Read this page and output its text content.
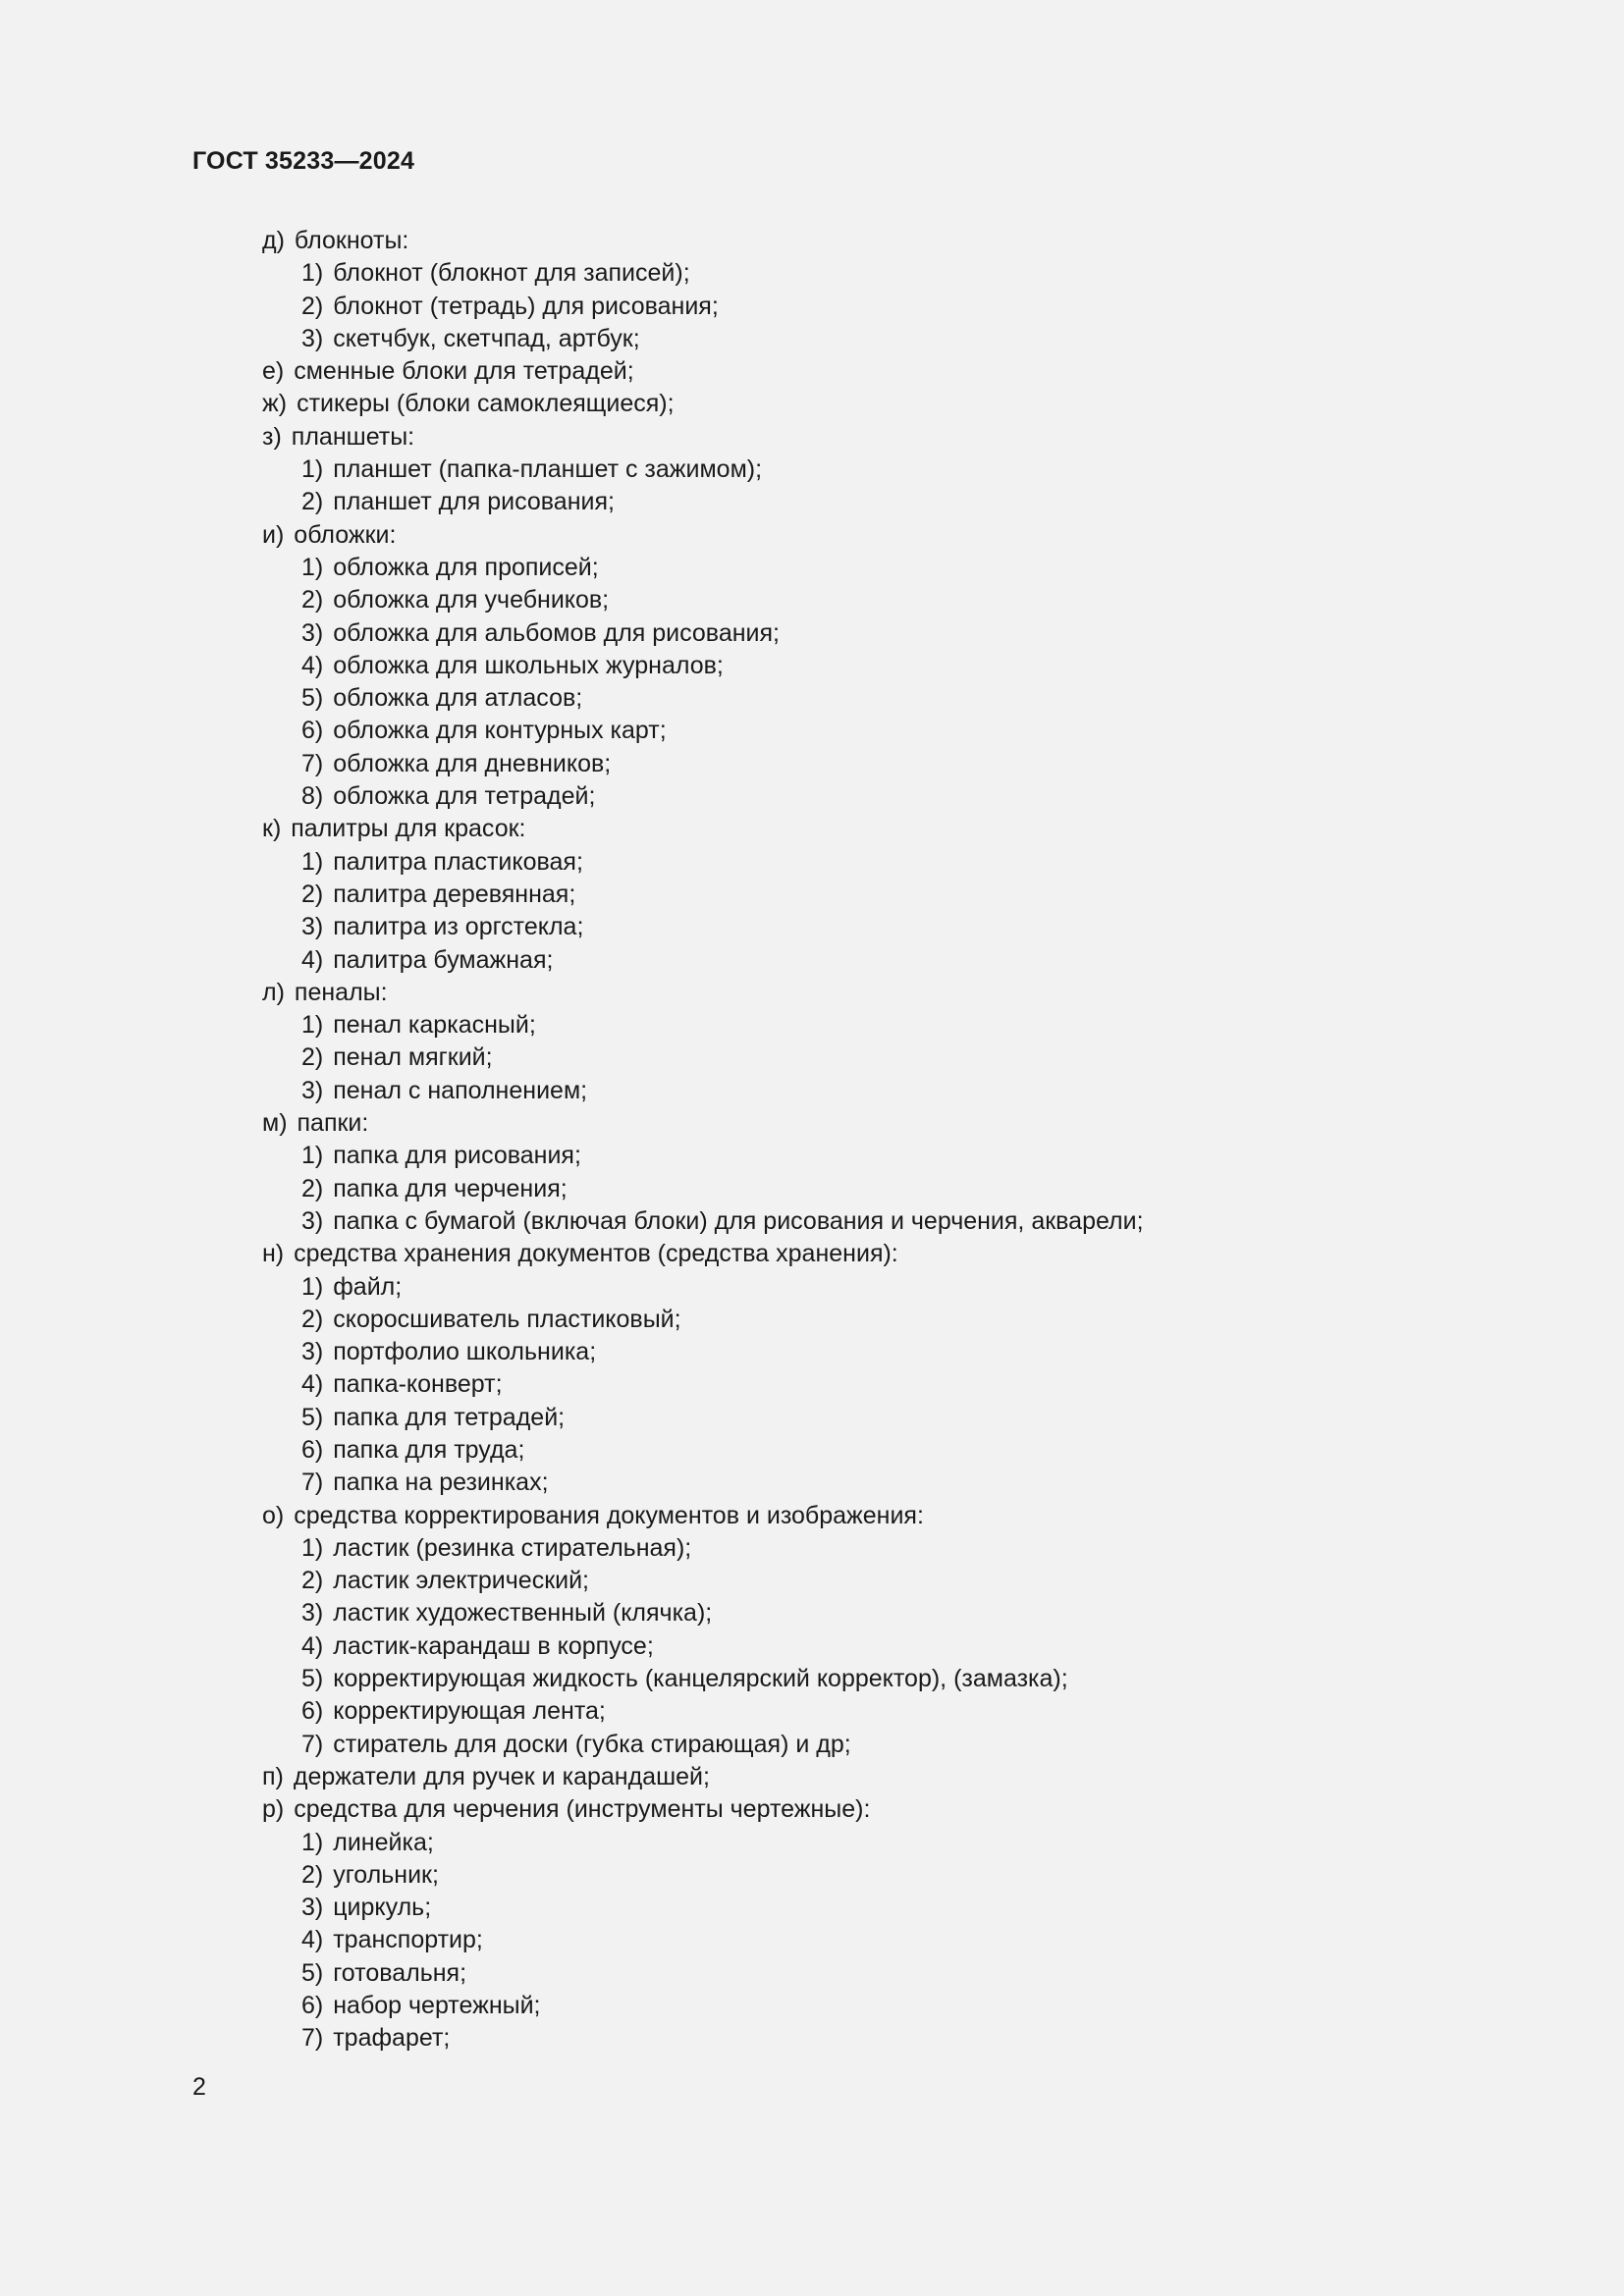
ГОСТ 35233—2024
д) блокноты:
1) блокнот (блокнот для записей);
2) блокнот (тетрадь) для рисования;
3) скетчбук, скетчпад, артбук;
е) сменные блоки для тетрадей;
ж) стикеры (блоки самоклеящиеся);
з) планшеты:
1) планшет (папка-планшет с зажимом);
2) планшет для рисования;
и) обложки:
1) обложка для прописей;
2) обложка для учебников;
3) обложка для альбомов для рисования;
4) обложка для школьных журналов;
5) обложка для атласов;
6) обложка для контурных карт;
7) обложка для дневников;
8) обложка для тетрадей;
к) палитры для красок:
1) палитра пластиковая;
2) палитра деревянная;
3) палитра из оргстекла;
4) палитра бумажная;
л) пеналы:
1) пенал каркасный;
2) пенал мягкий;
3) пенал с наполнением;
м) папки:
1) папка для рисования;
2) папка для черчения;
3) папка с бумагой (включая блоки) для рисования и черчения, акварели;
н) средства хранения документов (средства хранения):
1) файл;
2) скоросшиватель пластиковый;
3) портфолио школьника;
4) папка-конверт;
5) папка для тетрадей;
6) папка для труда;
7) папка на резинках;
о) средства корректирования документов и изображения:
1) ластик (резинка стирательная);
2) ластик электрический;
3) ластик художественный (клячка);
4) ластик-карандаш в корпусе;
5) корректирующая жидкость (канцелярский корректор), (замазка);
6) корректирующая лента;
7) стиратель для доски (губка стирающая) и др;
п) держатели для ручек и карандашей;
р) средства для черчения (инструменты чертежные):
1) линейка;
2) угольник;
3) циркуль;
4) транспортир;
5) готовальня;
6) набор чертежный;
7) трафарет;
2
